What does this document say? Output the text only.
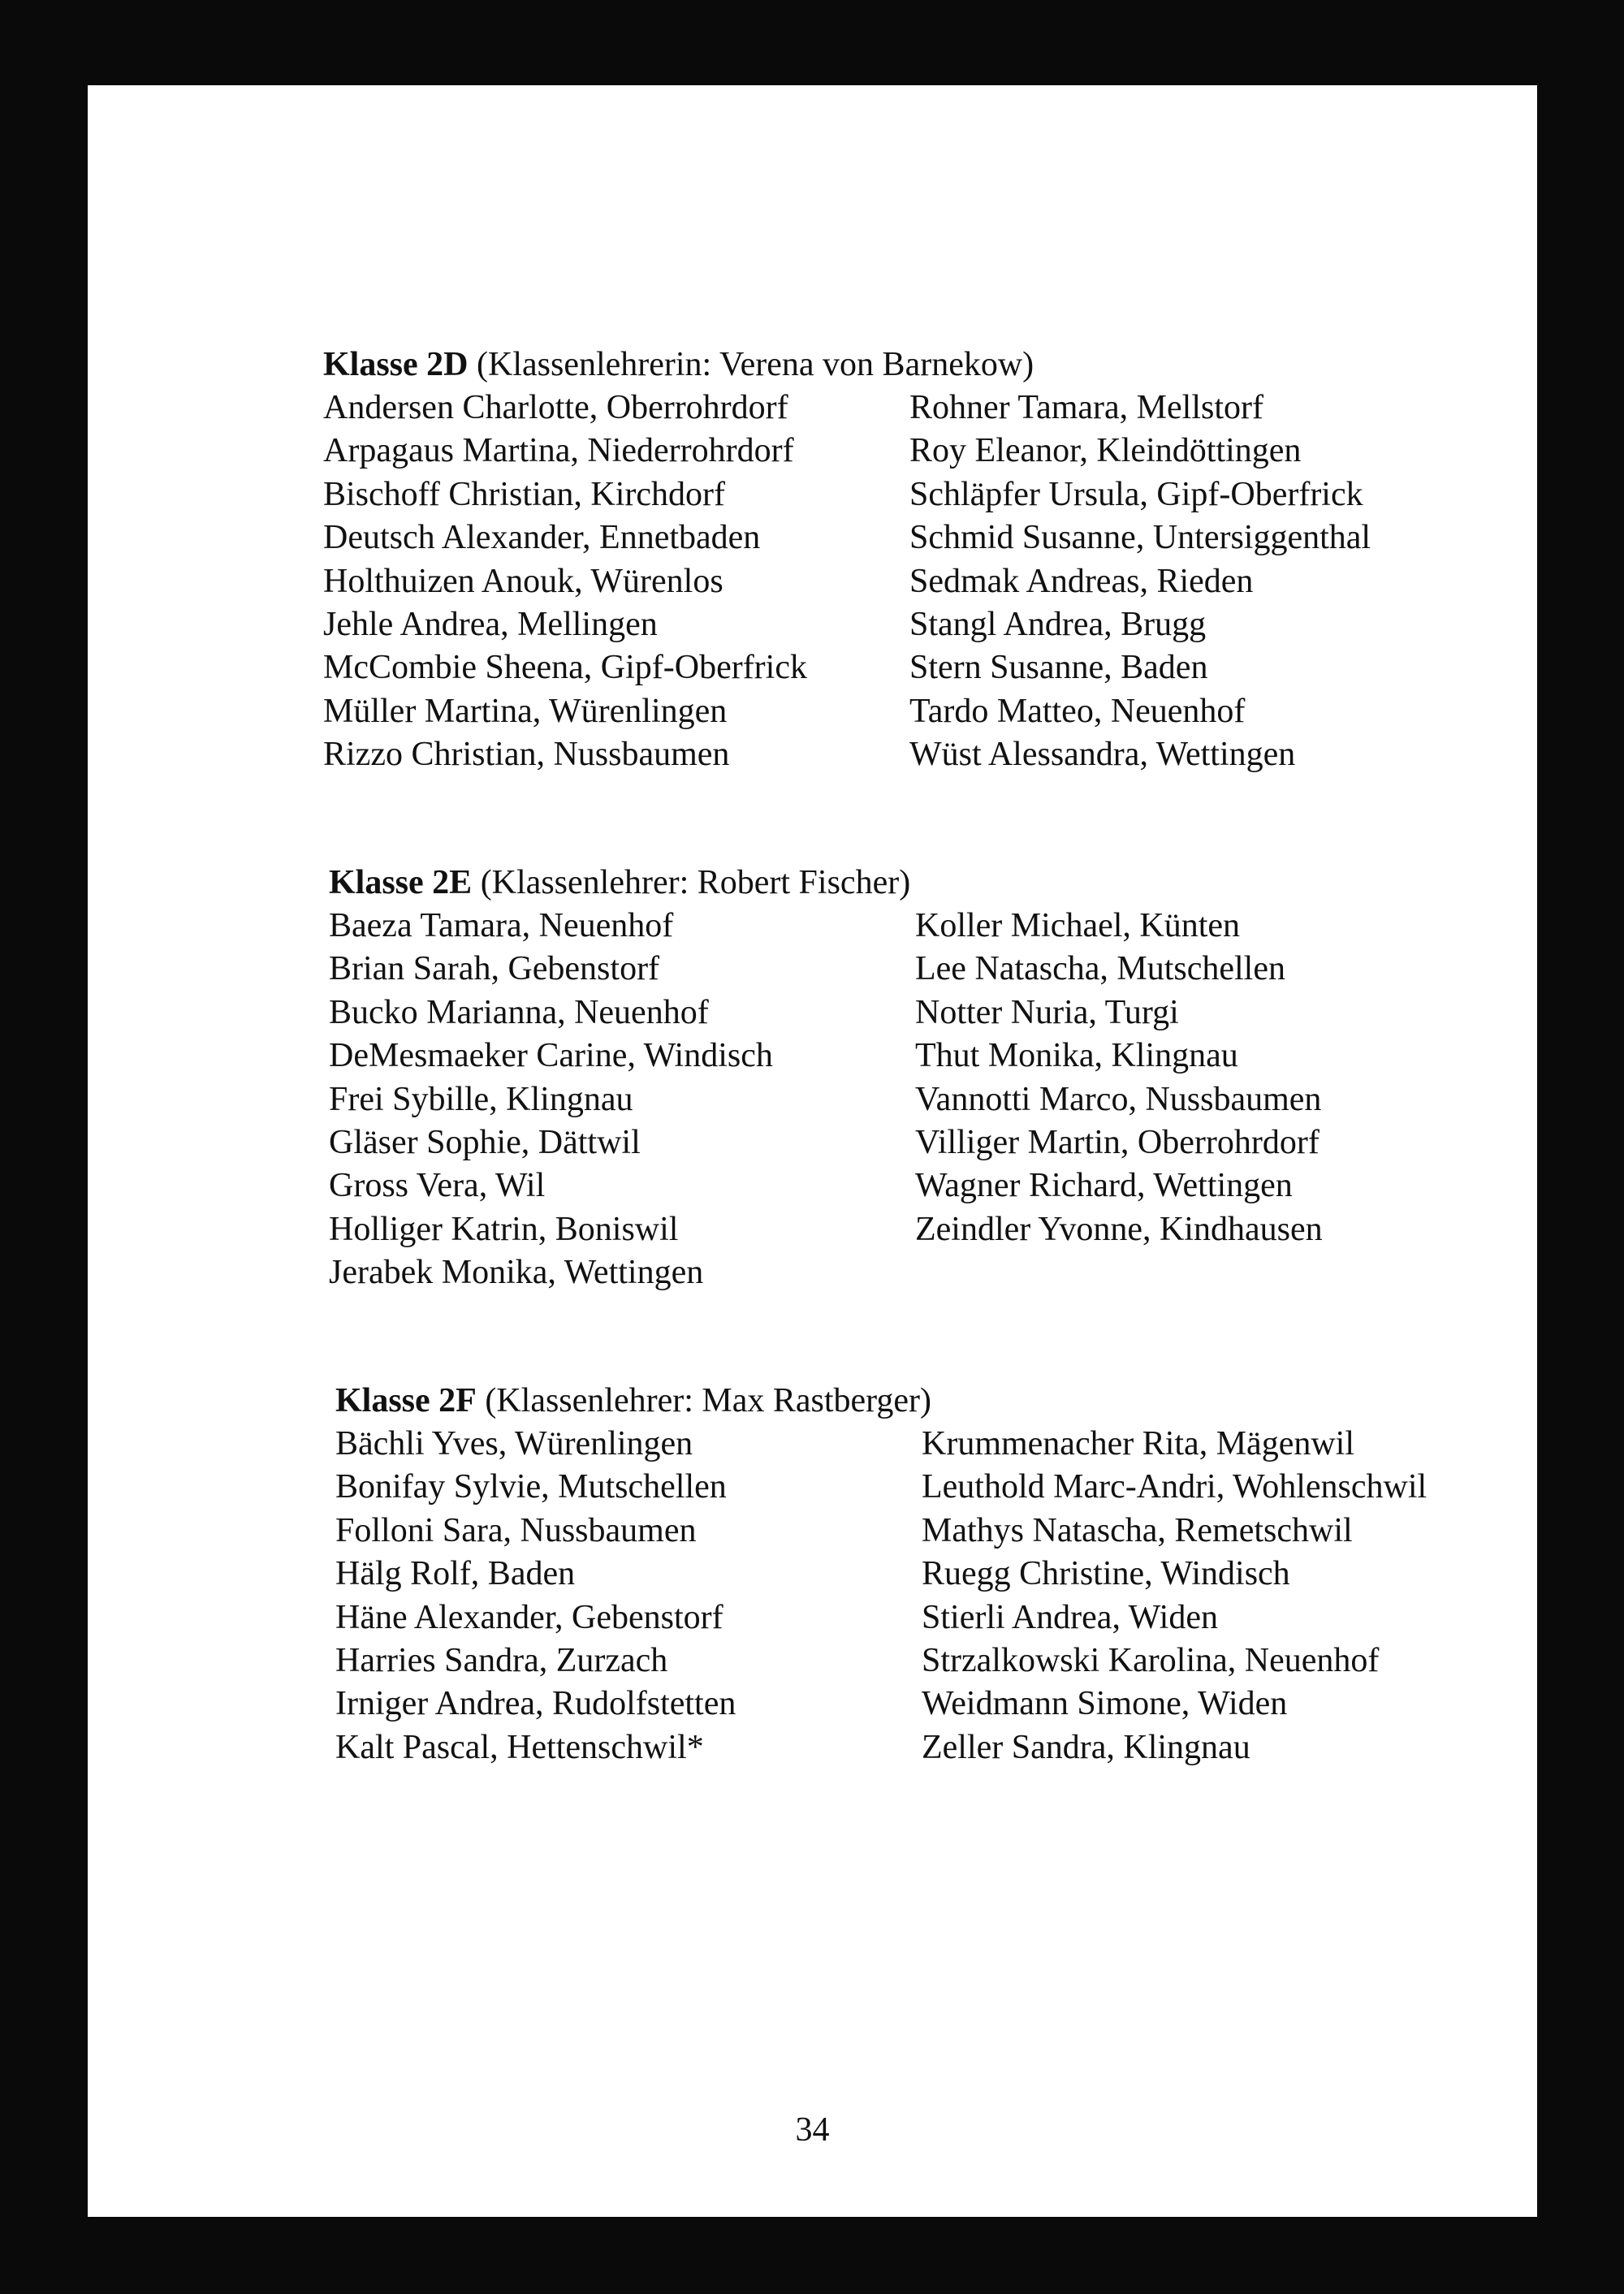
Klasse 2D (Klassenlehrerin: Verena von Barnekow)
Andersen Charlotte, Oberrohrdorf
Arpagaus Martina, Niederrohrdorf
Bischoff Christian, Kirchdorf
Deutsch Alexander, Ennetbaden
Holthuizen Anouk, Würenlos
Jehle Andrea, Mellingen
McCombie Sheena, Gipf-Oberfrick
Müller Martina, Würenlingen
Rizzo Christian, Nussbaumen
Rohner Tamara, Mellstorf
Roy Eleanor, Kleindöttingen
Schläpfer Ursula, Gipf-Oberfrick
Schmid Susanne, Untersiggenthal
Sedmak Andreas, Rieden
Stangl Andrea, Brugg
Stern Susanne, Baden
Tardo Matteo, Neuenhof
Wüst Alessandra, Wettingen
Klasse 2E (Klassenlehrer: Robert Fischer)
Baeza Tamara, Neuenhof
Brian Sarah, Gebenstorf
Bucko Marianna, Neuenhof
DeMesmaeker Carine, Windisch
Frei Sybille, Klingnau
Gläser Sophie, Dättwil
Gross Vera, Wil
Holliger Katrin, Boniswil
Jerabek Monika, Wettingen
Koller Michael, Künten
Lee Natascha, Mutschellen
Notter Nuria, Turgi
Thut Monika, Klingnau
Vannotti Marco, Nussbaumen
Villiger Martin, Oberrohrdorf
Wagner Richard, Wettingen
Zeindler Yvonne, Kindhausen
Klasse 2F (Klassenlehrer: Max Rastberger)
Bächli Yves, Würenlingen
Bonifay Sylvie, Mutschellen
Folloni Sara, Nussbaumen
Hälg Rolf, Baden
Häne Alexander, Gebenstorf
Harries Sandra, Zurzach
Irniger Andrea, Rudolfstetten
Kalt Pascal, Hettenschwil*
Krummenacher Rita, Mägenwil
Leuthold Marc-Andri, Wohlenschwil
Mathys Natascha, Remetschwil
Ruegg Christine, Windisch
Stierli Andrea, Widen
Strzalkowski Karolina, Neuenhof
Weidmann Simone, Widen
Zeller Sandra, Klingnau
34
